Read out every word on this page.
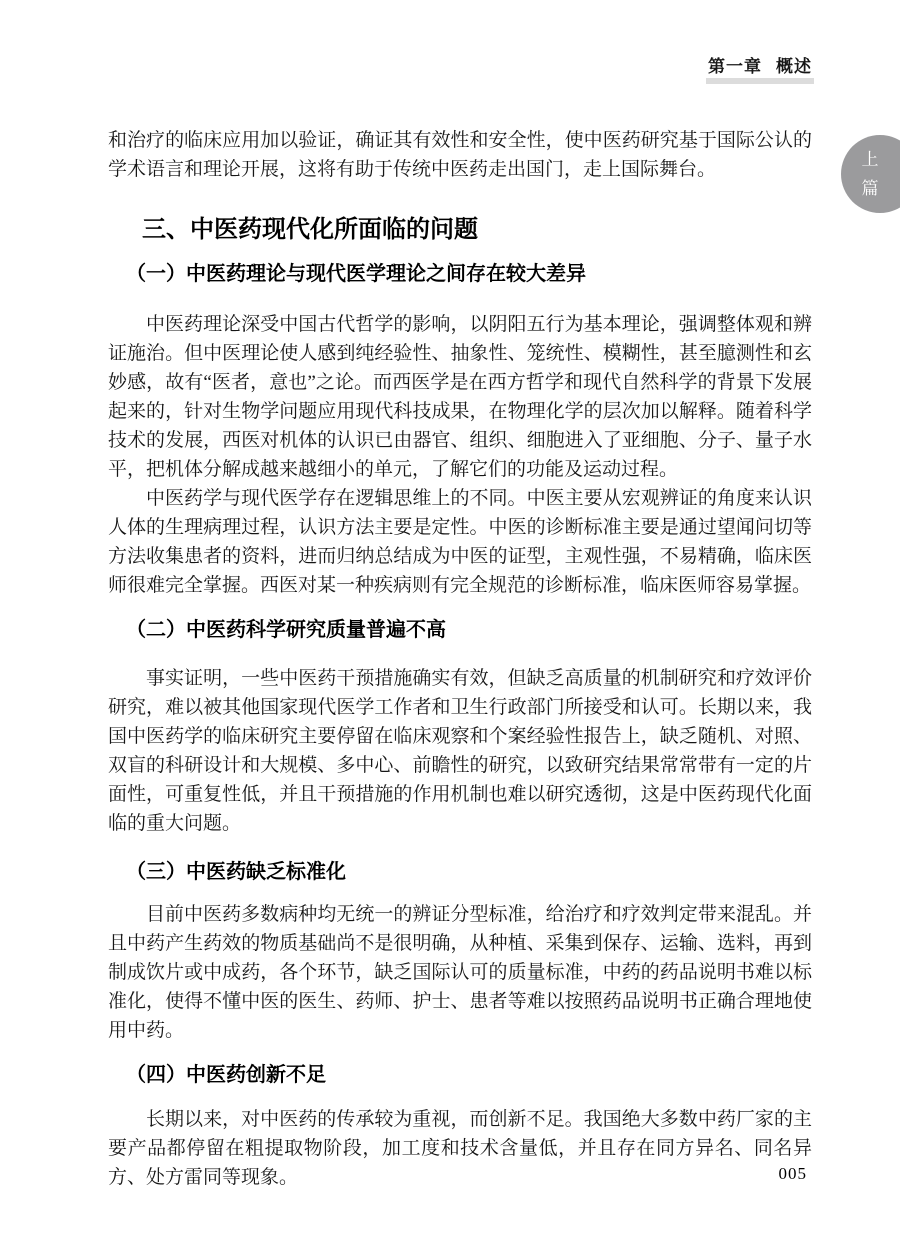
第一章 概述
上
篇

和治疗的临床应用加以验证，确证其有效性和安全性，使中医药研究基于国际公认的学术语言和理论开展，这将有助于传统中医药走出国门，走上国际舞台。

三、中医药现代化所面临的问题
（一）中医药理论与现代医学理论之间存在较大差异

中医药理论深受中国古代哲学的影响，以阴阳五行为基本理论，强调整体观和辨证施治。但中医理论使人感到纯经验性、抽象性、笼统性、模糊性，甚至臆测性和玄妙感，故有“医者，意也”之论。而西医学是在西方哲学和现代自然科学的背景下发展起来的，针对生物学问题应用现代科技成果，在物理化学的层次加以解释。随着科学技术的发展，西医对机体的认识已由器官、组织、细胞进入了亚细胞、分子、量子水平，把机体分解成越来越细小的单元，了解它们的功能及运动过程。

中医药学与现代医学存在逻辑思维上的不同。中医主要从宏观辨证的角度来认识人体的生理病理过程，认识方法主要是定性。中医的诊断标准主要是通过望闻问切等方法收集患者的资料，进而归纳总结成为中医的证型，主观性强，不易精确，临床医师很难完全掌握。西医对某一种疾病则有完全规范的诊断标准，临床医师容易掌握。

（二）中医药科学研究质量普遍不高

事实证明，一些中医药干预措施确实有效，但缺乏高质量的机制研究和疗效评价研究，难以被其他国家现代医学工作者和卫生行政部门所接受和认可。长期以来，我国中医药学的临床研究主要停留在临床观察和个案经验性报告上，缺乏随机、对照、双盲的科研设计和大规模、多中心、前瞻性的研究，以致研究结果常常带有一定的片面性，可重复性低，并且干预措施的作用机制也难以研究透彻，这是中医药现代化面临的重大问题。

（三）中医药缺乏标准化

目前中医药多数病种均无统一的辨证分型标准，给治疗和疗效判定带来混乱。并且中药产生药效的物质基础尚不是很明确，从种植、采集到保存、运输、选料，再到制成饮片或中成药，各个环节，缺乏国际认可的质量标准，中药的药品说明书难以标准化，使得不懂中医的医生、药师、护士、患者等难以按照药品说明书正确合理地使用中药。

（四）中医药创新不足

长期以来，对中医药的传承较为重视，而创新不足。我国绝大多数中药厂家的主要产品都停留在粗提取物阶段，加工度和技术含量低，并且存在同方异名、同名异方、处方雷同等现象。	005
